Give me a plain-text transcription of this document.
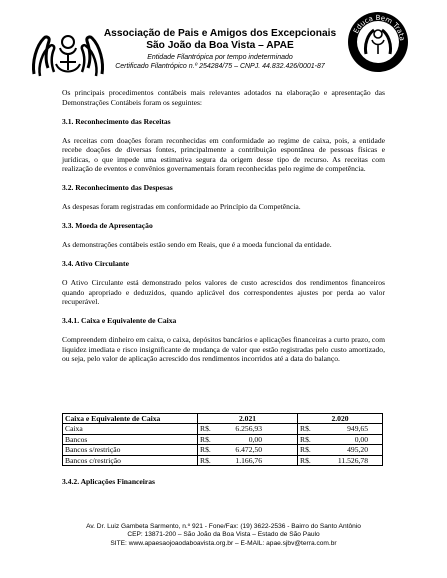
Associação de Pais e Amigos dos Excepcionais
São João da Boa Vista – APAE
Entidade Filantrópica por tempo indeterminado
Certificado Filantrópico n.º 254284/75 – CNPJ. 44.832.426/0001-87
Educa Bem Trata

Os principais procedimentos contábeis mais relevantes adotados na elaboração e apresentação das Demonstrações Contábeis foram os seguintes:

3.1. Reconhecimento das Receitas

As receitas com doações foram reconhecidas em conformidade ao regime de caixa, pois, a entidade recebe doações de diversas fontes, principalmente a contribuição espontânea de pessoas físicas e jurídicas, o que impede uma estimativa segura da origem desse tipo de recurso. As receitas com realização de eventos e convênios governamentais foram reconhecidas pelo regime de competência.

3.2. Reconhecimento das Despesas

As despesas foram registradas em conformidade ao Princípio da Competência.

3.3. Moeda de Apresentação

As demonstrações contábeis estão sendo em Reais, que é a moeda funcional da entidade.

3.4. Ativo Circulante

O Ativo Circulante está demonstrado pelos valores de custo acrescidos dos rendimentos financeiros quando apropriado e deduzidos, quando aplicável dos correspondentes ajustes por perda ao valor recuperável.

3.4.1. Caixa e Equivalente de Caixa

Compreendem dinheiro em caixa, o caixa, depósitos bancários e aplicações financeiras a curto prazo, com liquidez imediata e risco insignificante de mudança de valor que estão registradas pelo custo amortizado, ou seja, pelo valor de aplicação acrescido dos rendimentos incorridos até a data do balanço.

Caixa e Equivalente de Caixa	2.021	2.020
Caixa	R$. 6.256,93	R$. 949,65
Bancos	R$. 0,00	R$. 0,00
Bancos s/restrição	R$. 6.472,50	R$. 495,20
Bancos c/restrição	R$. 1.166,76	R$. 11.526,78
3.4.2. Aplicações Financeiras
Av. Dr. Luiz Gambeta Sarmento, n.º 921 - Fone/Fax: (19) 3622-2536 - Bairro do Santo Antônio
CEP: 13871-200 – São João da Boa Vista – Estado de São Paulo
SITE: www.apaesaojoaodaboavista.org.br – E-MAIL: apae.sjbv@terra.com.br
